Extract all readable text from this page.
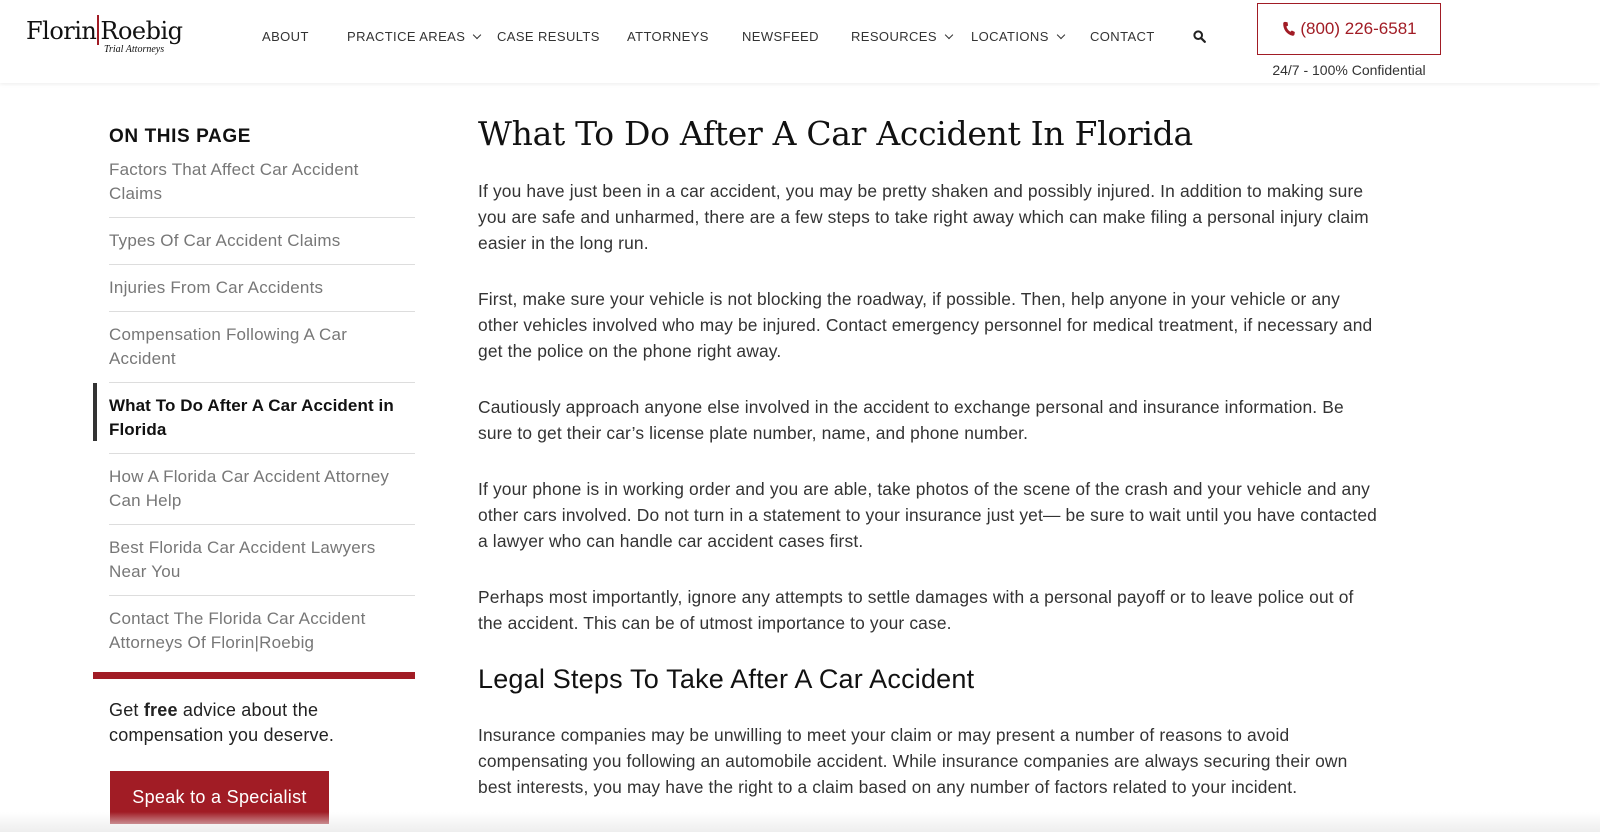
Florin Roebig
Trial Attorneys
ABOUT	PRACTICE AREAS	CASE RESULTS ATTORNEYS	NEWSFEED RESOURCES	LOCATIONS	CONTACT	(800) 226-6581
24/7 - 100% Confidential
ON THIS PAGE
Factors That Affect Car Accident Claims
Types Of Car Accident Claims
Injuries From Car Accidents
Compensation Following A Car Accident
What To Do After A Car Accident in Florida
How A Florida Car Accident Attorney Can Help
Best Florida Car Accident Lawyers Near You
Contact The Florida Car Accident Attorneys Of Florin|Roebig

Get free advice about the compensation you deserve.

Speak to a Specialist
What To Do After A Car Accident In Florida

If you have just been in a car accident, you may be pretty shaken and possibly injured. In addition to making sure you are safe and unharmed, there are a few steps to take right away which can make filing a personal injury claim easier in the long run.

First, make sure your vehicle is not blocking the roadway, if possible. Then, help anyone in your vehicle or any other vehicles involved who may be injured. Contact emergency personnel for medical treatment, if necessary and get the police on the phone right away.

Cautiously approach anyone else involved in the accident to exchange personal and insurance information. Be sure to get their car’s license plate number, name, and phone number.

If your phone is in working order and you are able, take photos of the scene of the crash and your vehicle and any other cars involved. Do not turn in a statement to your insurance just yet— be sure to wait until you have contacted a lawyer who can handle car accident cases first.

Perhaps most importantly, ignore any attempts to settle damages with a personal payoff or to leave police out of the accident. This can be of utmost importance to your case.

Legal Steps To Take After A Car Accident

Insurance companies may be unwilling to meet your claim or may present a number of reasons to avoid compensating you following an automobile accident. While insurance companies are always securing their own best interests, you may have the right to a claim based on any number of factors related to your incident.
